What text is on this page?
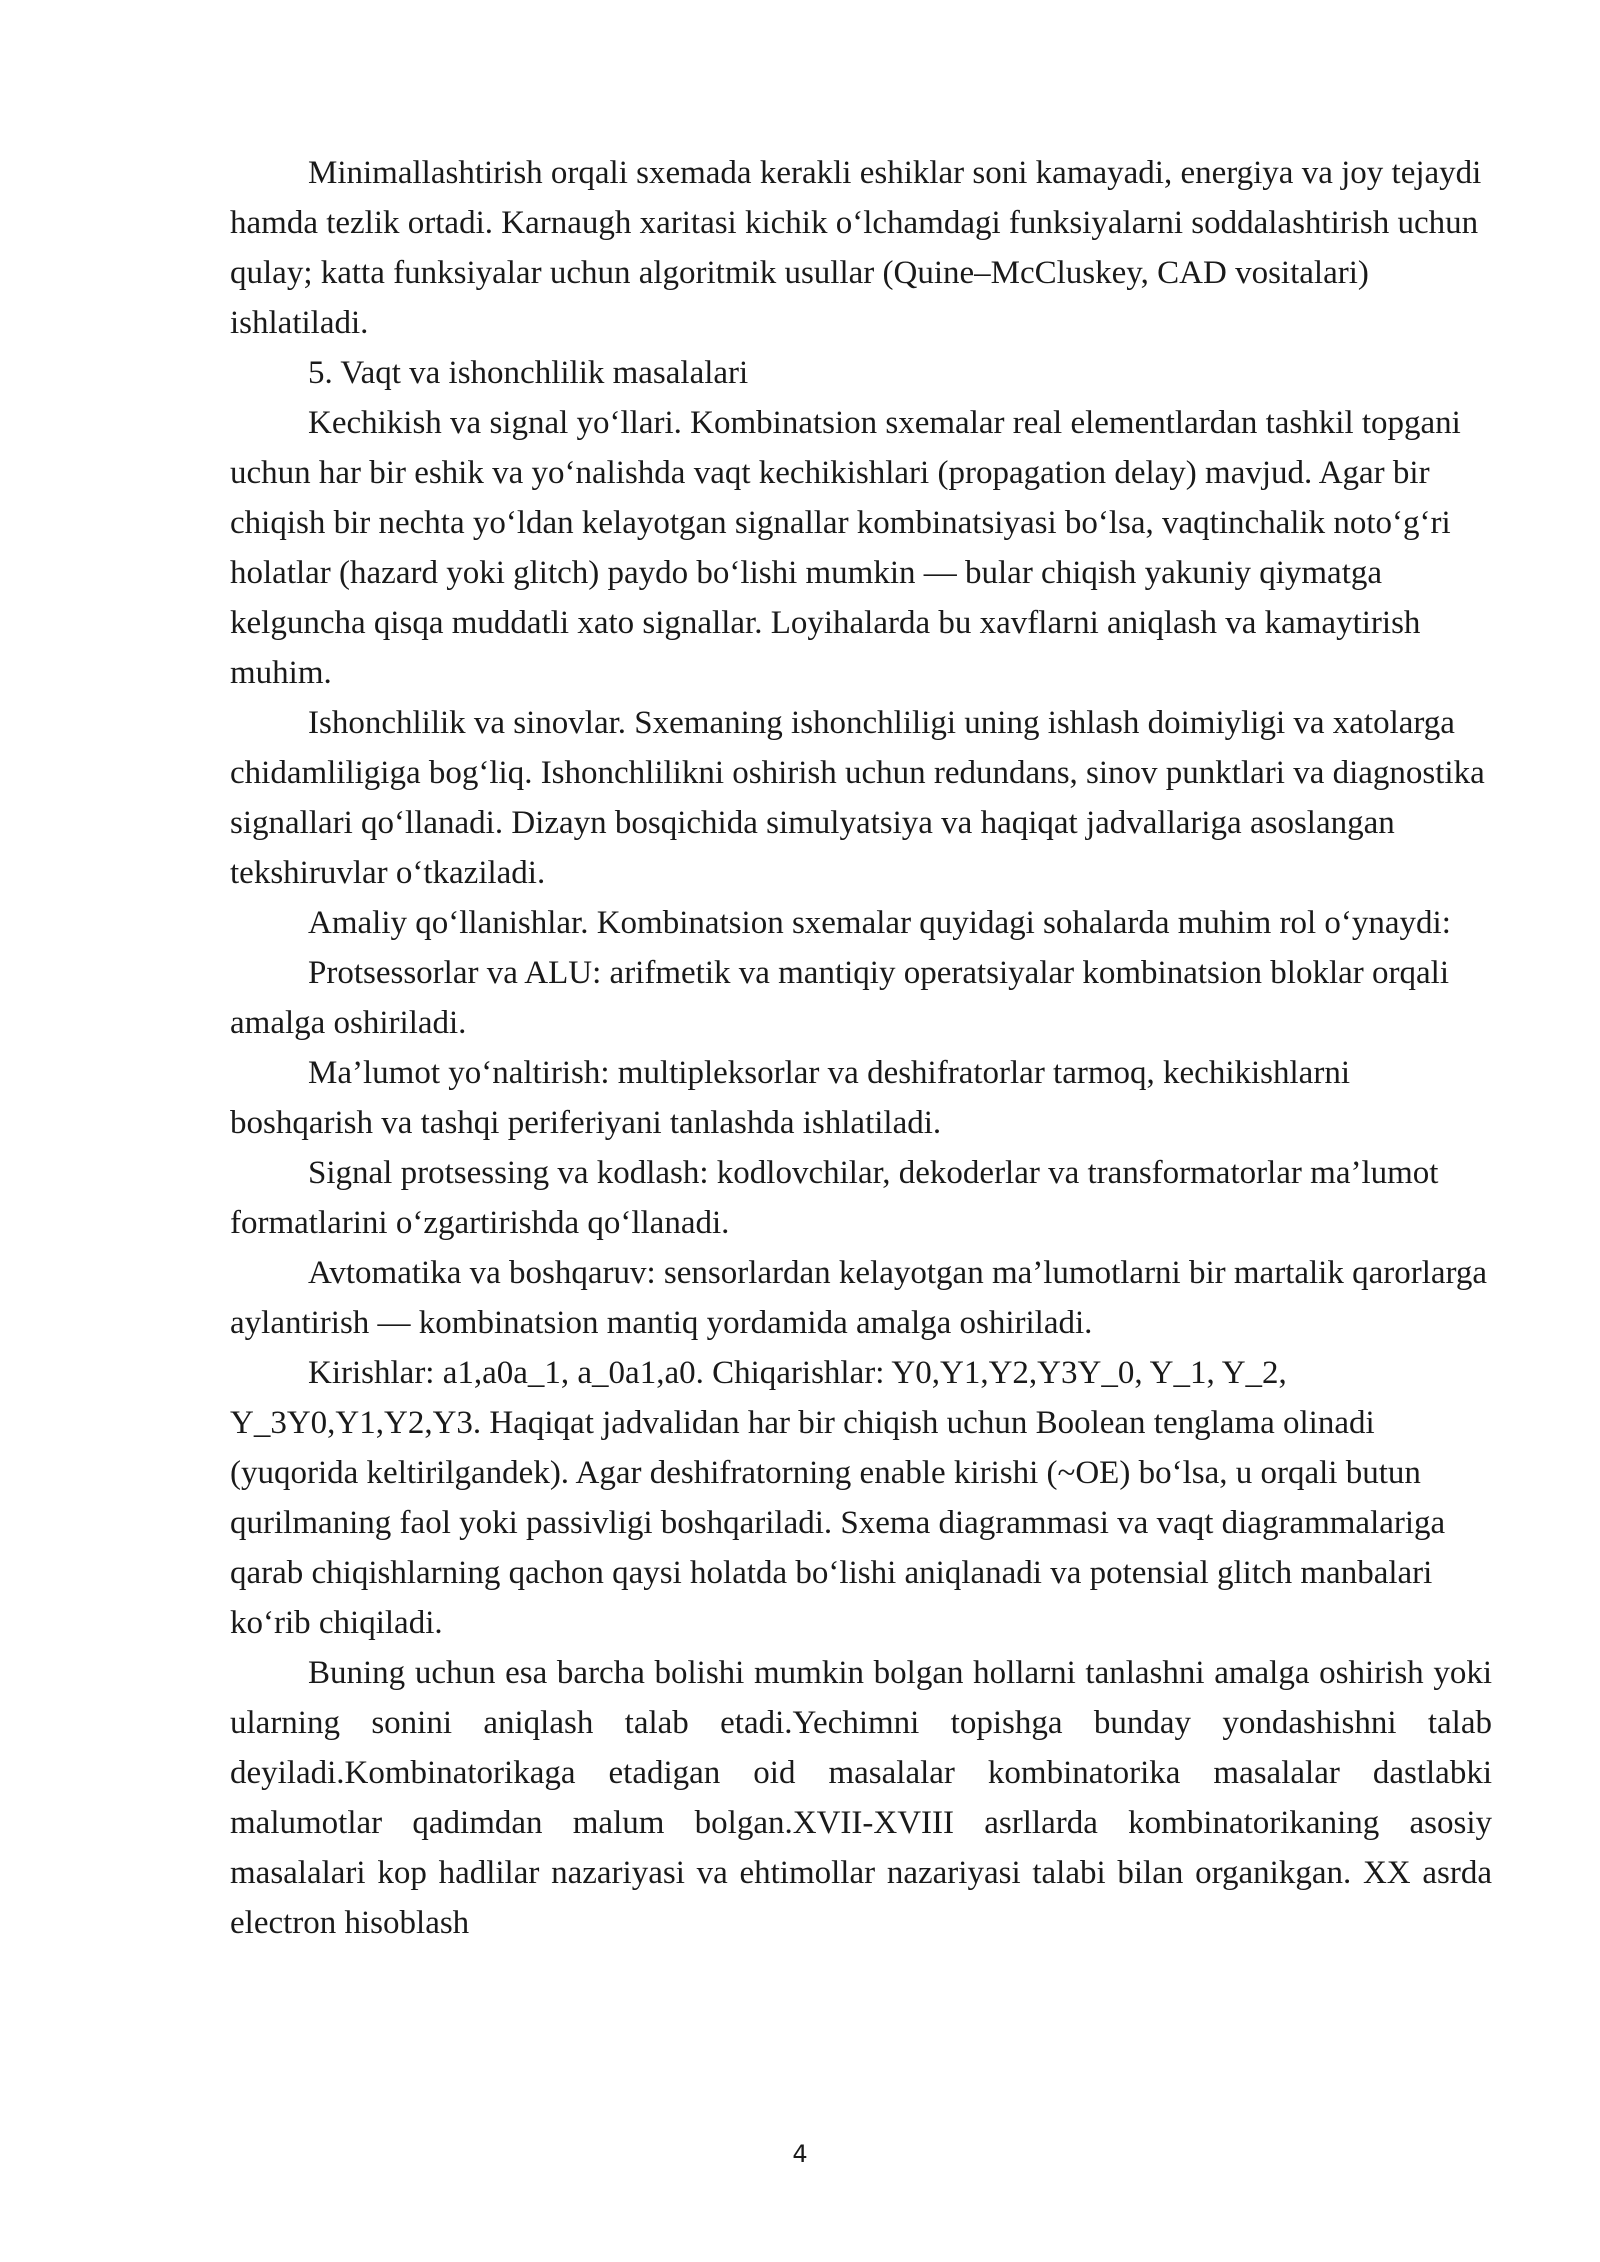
Minimallashtirish orqali sxemada kerakli eshiklar soni kamayadi, energiya va joy tejaydi hamda tezlik ortadi. Karnaugh xaritasi kichik o‘lchamdagi funksiyalarni soddalashtirish uchun qulay; katta funksiyalar uchun algoritmik usullar (Quine–McCluskey, CAD vositalari) ishlatiladi.

5. Vaqt va ishonchlilik masalalari

Kechikish va signal yo‘llari. Kombinatsion sxemalar real elementlardan tashkil topgani uchun har bir eshik va yo‘nalishda vaqt kechikishlari (propagation delay) mavjud. Agar bir chiqish bir nechta yo‘ldan kelayotgan signallar kombinatsiyasi bo‘lsa, vaqtinchalik noto‘g‘ri holatlar (hazard yoki glitch) paydo bo‘lishi mumkin — bular chiqish yakuniy qiymatga kelguncha qisqa muddatli xato signallar. Loyihalarda bu xavflarni aniqlash va kamaytirish muhim.

Ishonchlilik va sinovlar. Sxemaning ishonchliligi uning ishlash doimiyligi va xatolarga chidamliligiga bog‘liq. Ishonchlilikni oshirish uchun redundans, sinov punktlari va diagnostika signallari qo‘llanadi. Dizayn bosqichida simulyatsiya va haqiqat jadvallariga asoslangan tekshiruvlar o‘tkaziladi.

Amaliy qo‘llanishlar. Kombinatsion sxemalar quyidagi sohalarda muhim rol o‘ynaydi:

Protsessorlar va ALU: arifmetik va mantiqiy operatsiyalar kombinatsion bloklar orqali amalga oshiriladi.

Ma’lumot yo‘naltirish: multipleksorlar va deshifratorlar tarmoq, kechikishlarni boshqarish va tashqi periferiyani tanlashda ishlatiladi.

Signal protsessing va kodlash: kodlovchilar, dekoderlar va transformatorlar ma’lumot formatlarini o‘zgartirishda qo‘llanadi.

Avtomatika va boshqaruv: sensorlardan kelayotgan ma’lumotlarni bir martalik qarorlarga aylantirish — kombinatsion mantiq yordamida amalga oshiriladi.

Kirishlar: a1,a0a_1, a_0a1,a0. Chiqarishlar: Y0,Y1,Y2,Y3Y_0, Y_1, Y_2, Y_3Y0,Y1,Y2,Y3. Haqiqat jadvalidan har bir chiqish uchun Boolean tenglama olinadi (yuqorida keltirilgandek). Agar deshifratorning enable kirishi (~OE) bo‘lsa, u orqali butun qurilmaning faol yoki passivligi boshqariladi. Sxema diagrammasi va vaqt diagrammalariga qarab chiqishlarning qachon qaysi holatda bo‘lishi aniqlanadi va potensial glitch manbalari ko‘rib chiqiladi.

Buning uchun esa barcha bolishi mumkin bolgan hollarni tanlashni amalga oshirish yoki ularning sonini aniqlash talab etadi.Yechimni topishga bunday yondashishni talab deyiladi.Kombinatorikaga etadigan oid masalalar kombinatorika masalalar dastlabki malumotlar qadimdan malum bolgan.XVII-XVIII asrllarda kombinatorikaning asosiy masalalari kop hadlilar nazariyasi va ehtimollar nazariyasi talabi bilan organikgan. XX asrda electron hisoblash

4
